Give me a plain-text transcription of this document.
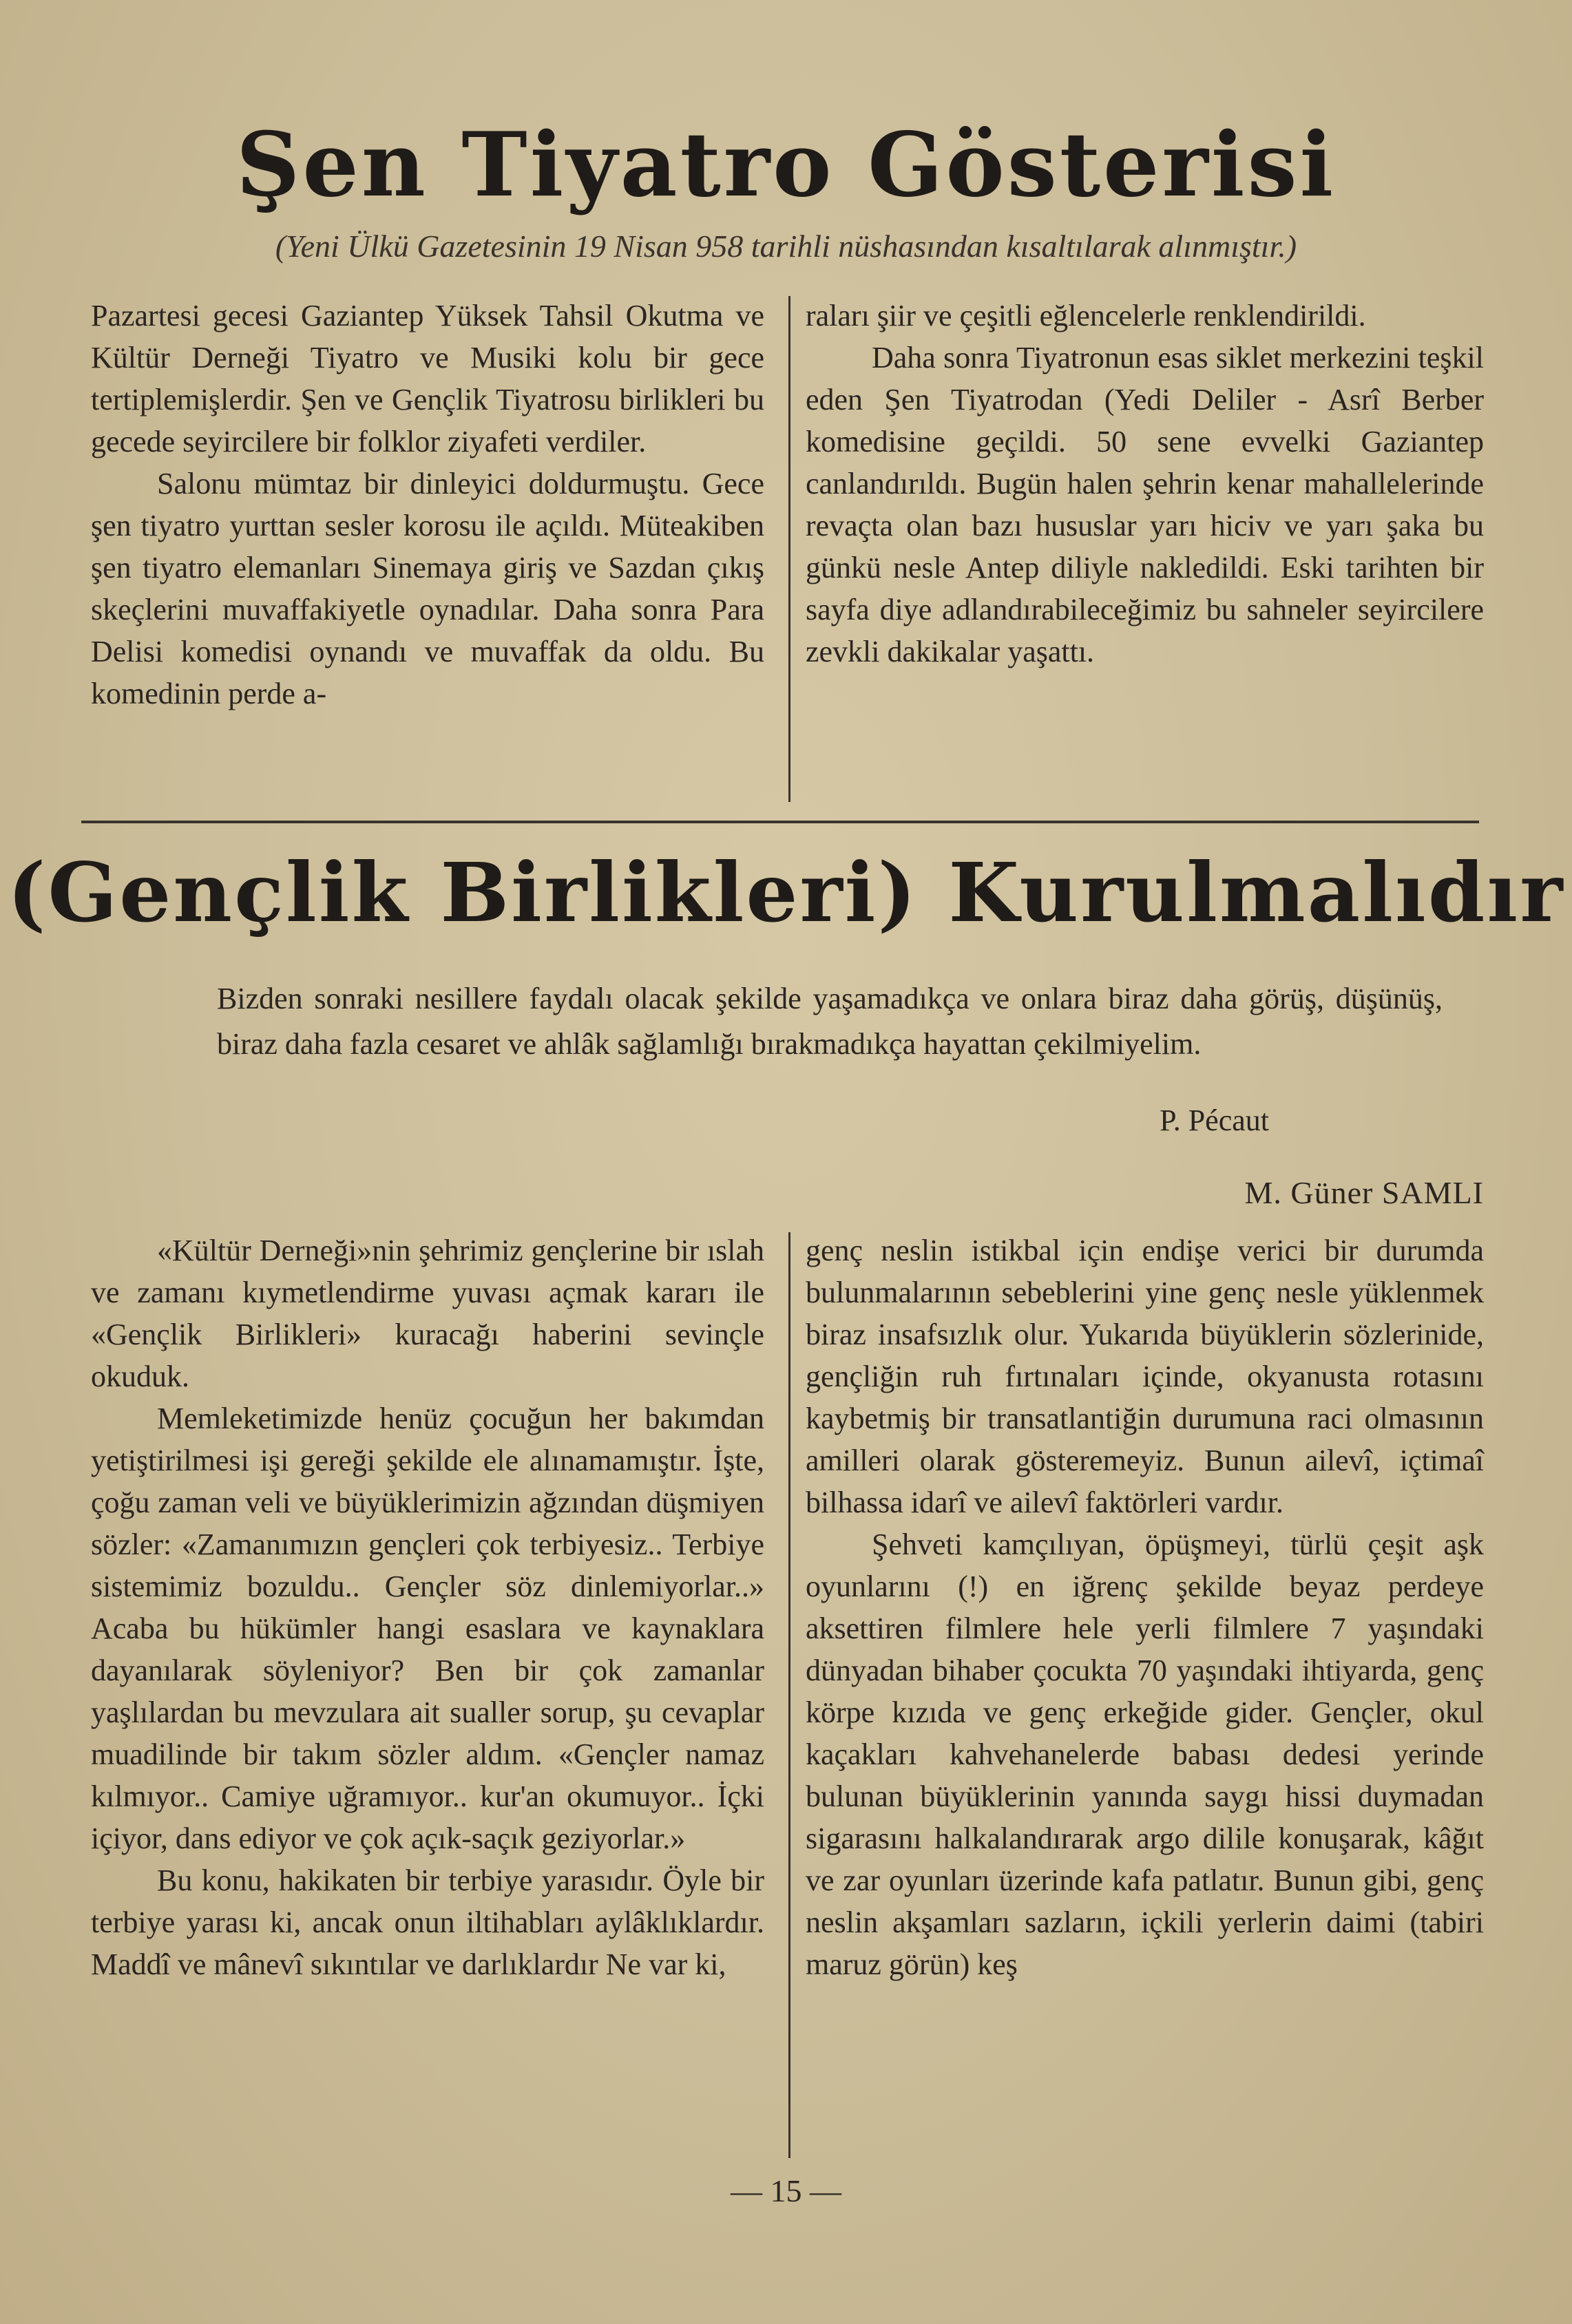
Şen Tiyatro Gösterisi
(Yeni Ülkü Gazetesinin 19 Nisan 958 tarihli nüshasından kısaltılarak alınmıştır.)

Pazartesi gecesi Gaziantep Yüksek Tahsil Okutma ve Kültür Derneği Tiyatro ve Musiki kolu bir gece tertiplemişlerdir. Şen ve Gençlik Tiyatrosu birlikleri bu gecede seyircilere bir folklor ziyafeti verdiler.

Salonu mümtaz bir dinleyici doldurmuştu. Gece şen tiyatro yurttan sesler korosu ile açıldı. Müteakiben şen tiyatro elemanları Sinemaya giriş ve Sazdan çıkış skeçlerini muvaffakiyetle oynadılar. Daha sonra Para Delisi komedisi oynandı ve muvaffak da oldu. Bu komedinin perde a-

raları şiir ve çeşitli eğlencelerle renklendirildi.

Daha sonra Tiyatronun esas siklet merkezini teşkil eden Şen Tiyatrodan (Yedi Deliler - Asrî Berber komedisine geçildi. 50 sene evvelki Gaziantep canlandırıldı. Bugün halen şehrin kenar mahallelerinde revaçta olan bazı hususlar yarı hiciv ve yarı şaka bu günkü nesle Antep diliyle nakledildi. Eski tarihten bir sayfa diye adlandırabileceğimiz bu sahneler seyircilere zevkli dakikalar yaşattı.

(Gençlik Birlikleri) Kurulmalıdır
Bizden sonraki nesillere faydalı olacak şekilde yaşamadıkça ve onlara biraz daha görüş, düşünüş, biraz daha fazla cesaret ve ahlâk sağlamlığı bırakmadıkça hayattan çekilmiyelim.
P. Pécaut
M. Güner SAMLI

«Kültür Derneği»nin şehrimiz gençlerine bir ıslah ve zamanı kıymetlendirme yuvası açmak kararı ile «Gençlik Birlikleri» kuracağı haberini sevinçle okuduk.

Memleketimizde henüz çocuğun her bakımdan yetiştirilmesi işi gereği şekilde ele alınamamıştır. İşte, çoğu zaman veli ve büyüklerimizin ağzından düşmiyen sözler: «Zamanımızın gençleri çok terbiyesiz.. Terbiye sistemimiz bozuldu.. Gençler söz dinlemiyorlar..» Acaba bu hükümler hangi esaslara ve kaynaklara dayanılarak söyleniyor? Ben bir çok zamanlar yaşlılardan bu mevzulara ait sualler sorup, şu cevaplar muadilinde bir takım sözler aldım. «Gençler namaz kılmıyor.. Camiye uğramıyor.. kur'an okumuyor.. İçki içiyor, dans ediyor ve çok açık-saçık geziyorlar.»

Bu konu, hakikaten bir terbiye yarasıdır. Öyle bir terbiye yarası ki, ancak onun iltihabları aylâklıklardır. Maddî ve mânevî sıkıntılar ve darlıklardır Ne var ki,

genç neslin istikbal için endişe verici bir durumda bulunmalarının sebeblerini yine genç nesle yüklenmek biraz insafsızlık olur. Yukarıda büyüklerin sözlerinide, gençliğin ruh fırtınaları içinde, okyanusta rotasını kaybetmiş bir transatlantiğin durumuna raci olmasının amilleri olarak gösteremeyiz. Bunun ailevî, içtimaî bilhassa idarî ve ailevî faktörleri vardır.

Şehveti kamçılıyan, öpüşmeyi, türlü çeşit aşk oyunlarını (!) en iğrenç şekilde beyaz perdeye aksettiren filmlere hele yerli filmlere 7 yaşındaki dünyadan bihaber çocukta 70 yaşındaki ihtiyarda, genç körpe kızıda ve genç erkeğide gider. Gençler, okul kaçakları kahvehanelerde babası dedesi yerinde bulunan büyüklerinin yanında saygı hissi duymadan sigarasını halkalandırarak argo dilile konuşarak, kâğıt ve zar oyunları üzerinde kafa patlatır. Bunun gibi, genç neslin akşamları sazların, içkili yerlerin daimi (tabiri maruz görün) keş

— 15 —
